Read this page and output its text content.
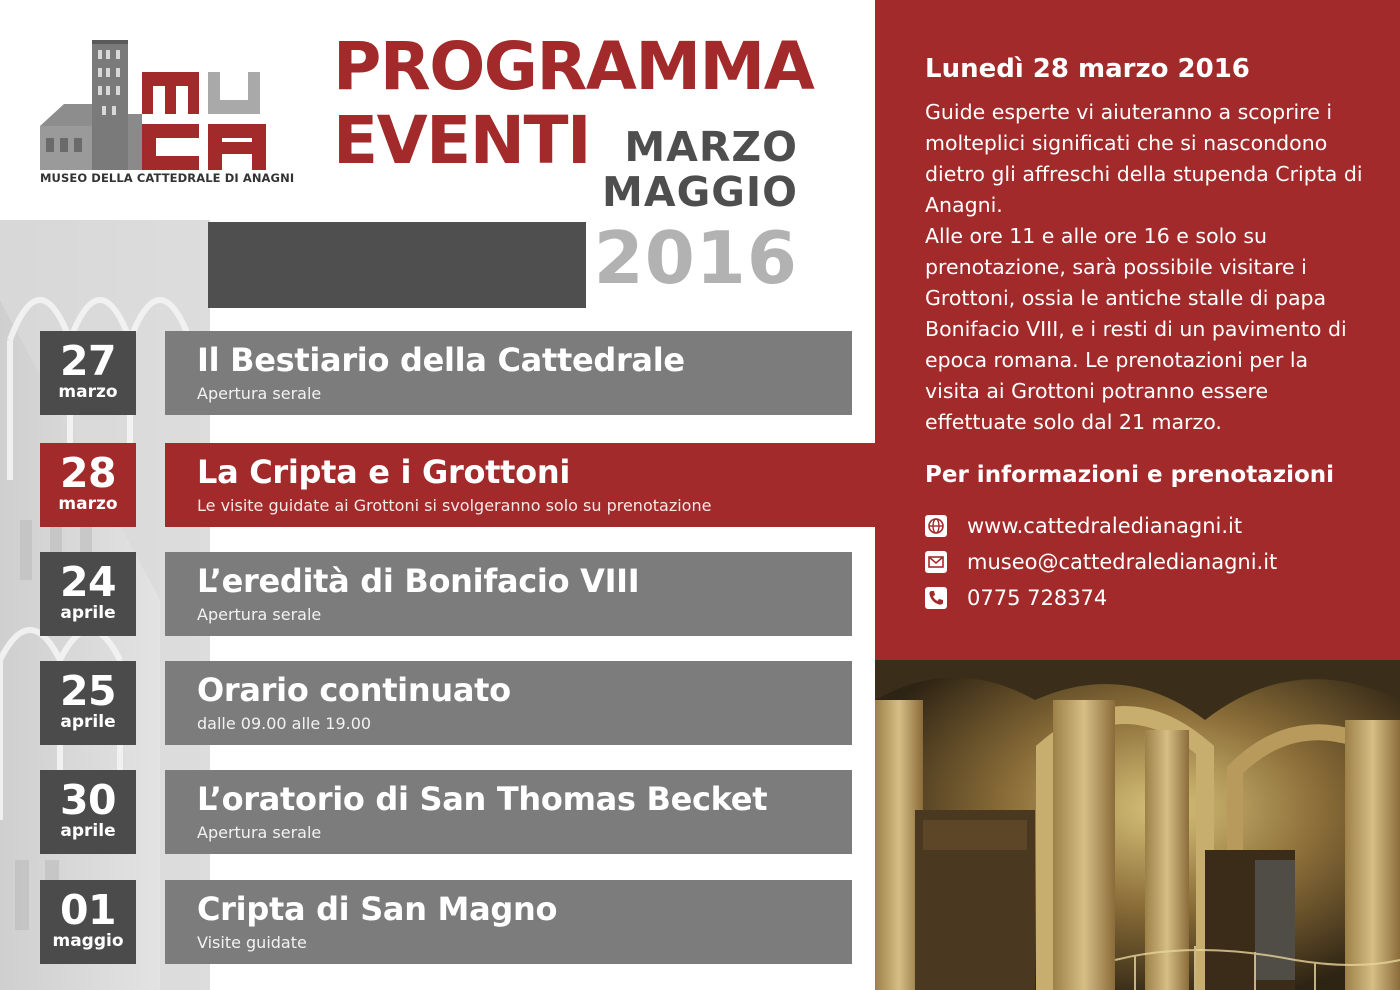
MUSEO DELLA CATTEDRALE DI ANAGNI
PROGRAMMA
EVENTI MARZO
MAGGIO
2016
27
marzo
Il Bestiario della Cattedrale
Apertura serale
28
marzo
La Cripta e i Grottoni
Le visite guidate ai Grottoni si svolgeranno solo su prenotazione
24
aprile
L’eredità di Bonifacio VIII
Apertura serale
25
aprile
Orario continuato
dalle 09.00 alle 19.00
30
aprile
L’oratorio di San Thomas Becket
Apertura serale
01
maggio
Cripta di San Magno
Visite guidate
Lunedì 28 marzo 2016

Guide esperte vi aiuteranno a scoprire i molteplici significati che si nascondono dietro gli affreschi della stupenda Cripta di Anagni.

Alle ore 11 e alle ore 16 e solo su prenotazione, sarà possibile visitare i Grottoni, ossia le antiche stalle di papa Bonifacio VIII, e i resti di un pavimento di epoca romana. Le prenotazioni per la visita ai Grottoni potranno essere effettuate solo dal 21 marzo.

Per informazioni e prenotazioni
www.cattedraledianagni.it
museo@cattedraledianagni.it
0775 728374
